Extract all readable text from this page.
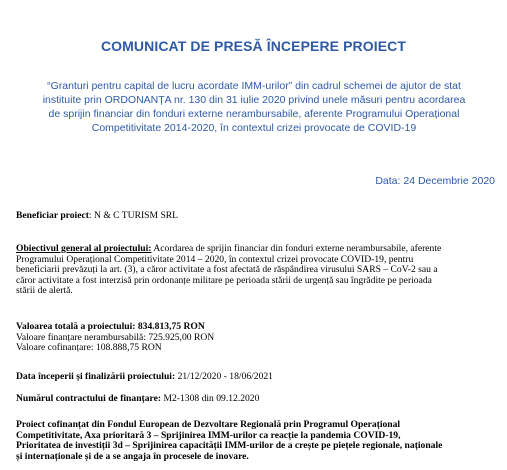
COMUNICAT DE PRESĂ ÎNCEPERE PROIECT
“Granturi pentru capital de lucru acordate IMM-urilor” din cadrul schemei de ajutor de stat
instituite prin ORDONANȚA nr. 130 din 31 iulie 2020 privind unele măsuri pentru acordarea
de sprijin financiar din fonduri externe nerambursabile, aferente Programului Operațional
Competitivitate 2014-2020, în contextul crizei provocate de COVID-19
Data: 24 Decembrie 2020
Beneficiar proiect: N & C TURISM SRL
Obiectivul general al proiectului: Acordarea de sprijin financiar din fonduri externe nerambursabile, aferente
Programului Operațional Competitivitate 2014 – 2020, în contextul crizei provocate COVID-19, pentru
beneficiarii prevăzuți la art. (3), a căror activitate a fost afectată de răspândirea virusului SARS – CoV-2 sau a
căror activitate a fost interzisă prin ordonanțe militare pe perioada stării de urgență sau îngrădite pe perioada
stării de alertă.
Valoarea totală a proiectului: 834.813,75 RON
Valoare finanțare nerambursabilă: 725.925,00 RON
Valoare cofinanțare: 108.888,75 RON
Data începerii și finalizării proiectului: 21/12/2020 - 18/06/2021
Numărul contractului de finanțare: M2-1308 din 09.12.2020
Proiect cofinanțat din Fondul European de Dezvoltare Regională prin Programul Operațional
Competitivitate, Axa prioritară 3 – Sprijinirea IMM-urilor ca reacție la pandemia COVID-19,
Prioritatea de investiții 3d – Sprijinirea capacității IMM-urilor de a crește pe piețele regionale, naționale
și internaționale și de a se angaja în procesele de inovare.
